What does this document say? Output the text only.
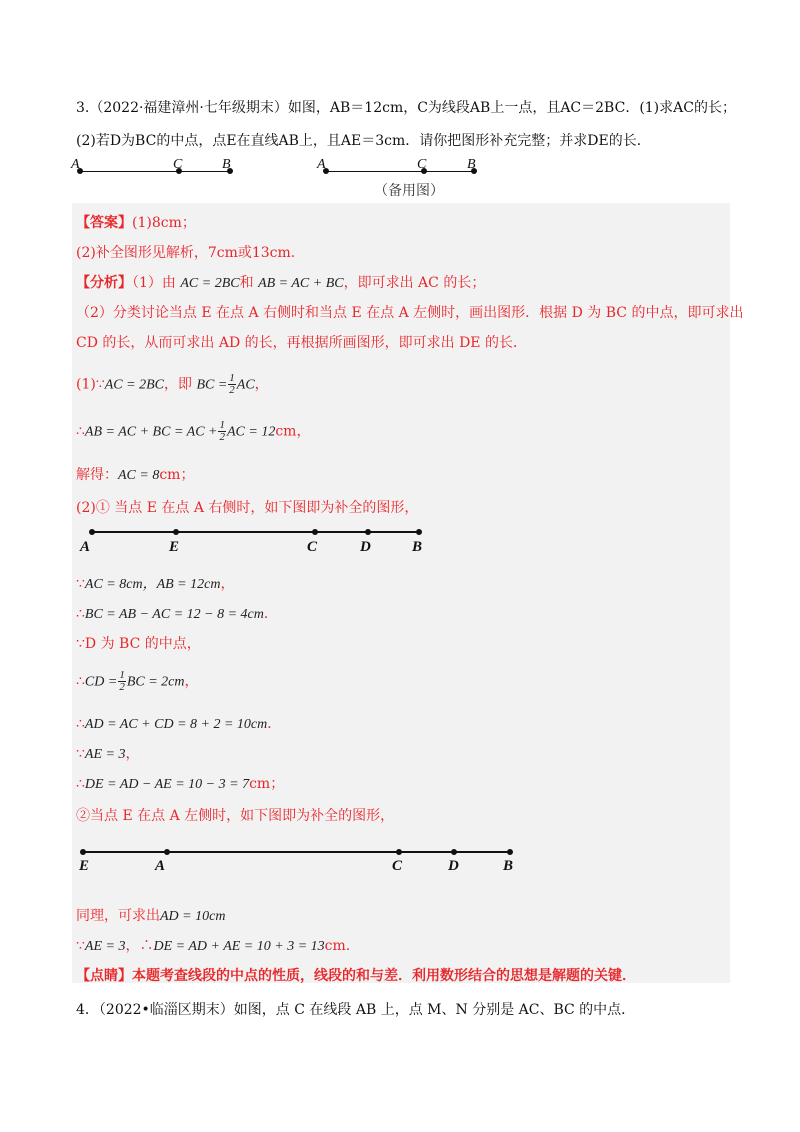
3.（2022·福建漳州·七年级期末）如图，AB＝12cm，C为线段AB上一点，且AC＝2BC．(1)求AC的长；
(2)若D为BC的中点，点E在直线AB上，且AE＝3cm．请你把图形补充完整；并求DE的长．
A	C	B	A	C	B
（备用图）
【答案】(1)8cm；
(2)补全图形见解析，7cm或13cm.
【分析】（1）由 AC = 2BC和 AB = AC + BC，即可求出 AC 的长；
（2）分类讨论当点 E 在点 A 右侧时和当点 E 在点 A 左侧时，画出图形．根据 D 为 BC 的中点，即可求出
CD 的长，从而可求出 AD 的长，再根据所画图形，即可求出 DE 的长．
(1)∵AC = 2BC，即 BC = $\frac{1}{2}$ AC，
∴AB = AC + BC = AC + $\frac{1}{2}$ AC = 12cm，
解得：AC = 8cm；
(2)① 当点 E 在点 A 右侧时，如下图即为补全的图形，
A	E	C	D	B
∵AC = 8cm，AB = 12cm，
∴BC = AB − AC = 12 − 8 = 4cm．
∵D 为 BC 的中点，
∴CD = $\frac{1}{2}$ BC = 2cm，
∴AD = AC + CD = 8 + 2 = 10cm．
∵AE = 3，
∴DE = AD − AE = 10 − 3 = 7cm；
②当点 E 在点 A 左侧时，如下图即为补全的图形，
E	A	C	D	B
同理，可求出AD = 10cm
∵AE = 3，∴DE = AD + AE = 10 + 3 = 13cm.
【点睛】本题考查线段的中点的性质，线段的和与差．利用数形结合的思想是解题的关键．
4．（2022•临淄区期末）如图，点 C 在线段 AB 上，点 M、N 分别是 AC、BC 的中点．
